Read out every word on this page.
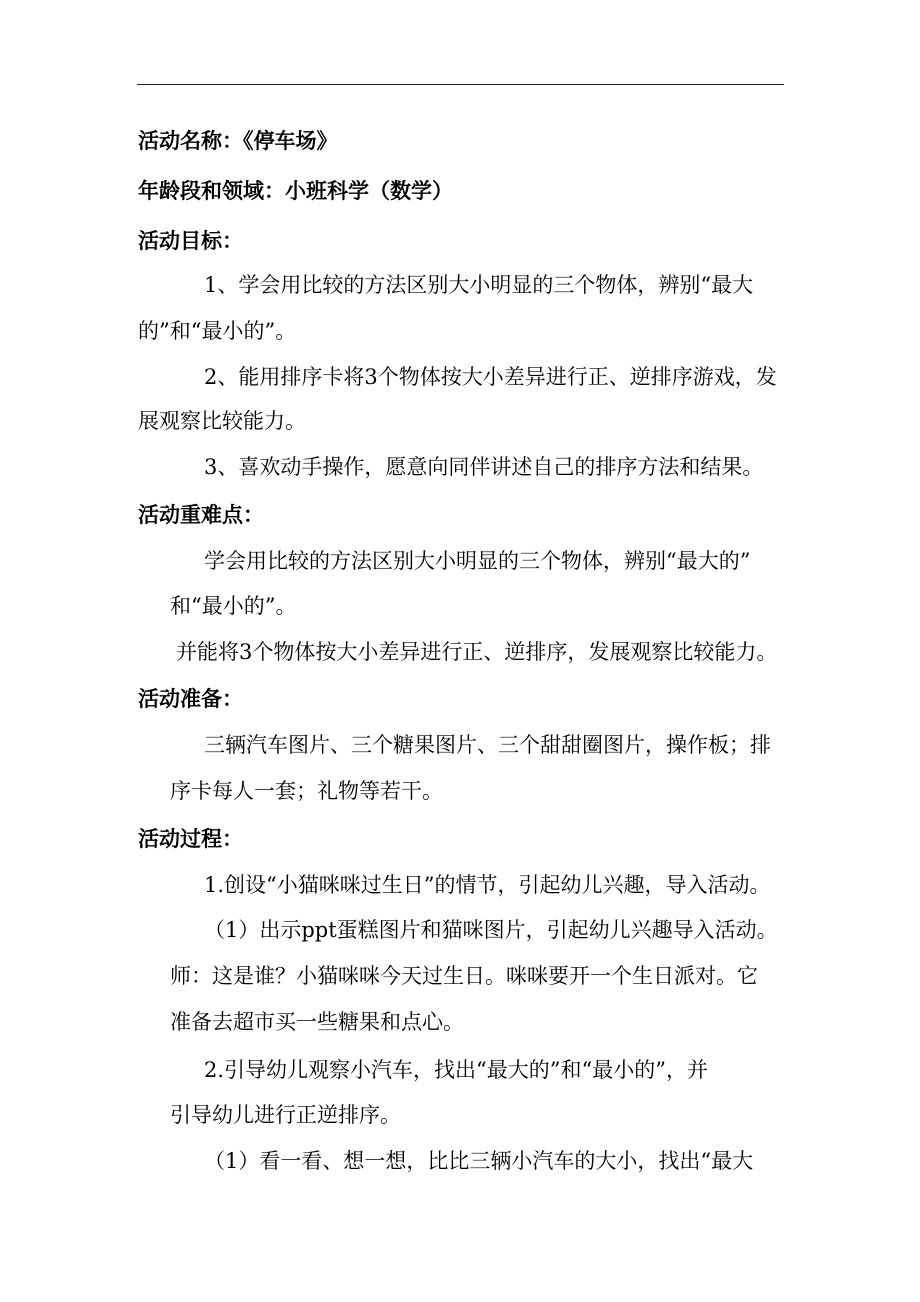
活动名称：《停车场》
年龄段和领域：小班科学（数学）
活动目标：
1、学会用比较的方法区别大小明显的三个物体，辨别“最大
的”和“最小的”。
2、能用排序卡将3个物体按大小差异进行正、逆排序游戏，发
展观察比较能力。
3、喜欢动手操作，愿意向同伴讲述自己的排序方法和结果。
活动重难点：
学会用比较的方法区别大小明显的三个物体，辨别“最大的”
和“最小的”。
并能将3个物体按大小差异进行正、逆排序，发展观察比较能力。
活动准备：
三辆汽车图片、三个糖果图片、三个甜甜圈图片，操作板；排
序卡每人一套；礼物等若干。
活动过程：
1.创设“小猫咪咪过生日”的情节，引起幼儿兴趣，导入活动。
（1）出示ppt蛋糕图片和猫咪图片，引起幼儿兴趣导入活动。
师：这是谁？小猫咪咪今天过生日。咪咪要开一个生日派对。它
准备去超市买一些糖果和点心。
2.引导幼儿观察小汽车，找出“最大的”和“最小的”，并
引导幼儿进行正逆排序。
（1）看一看、想一想，比比三辆小汽车的大小，找出“最大
